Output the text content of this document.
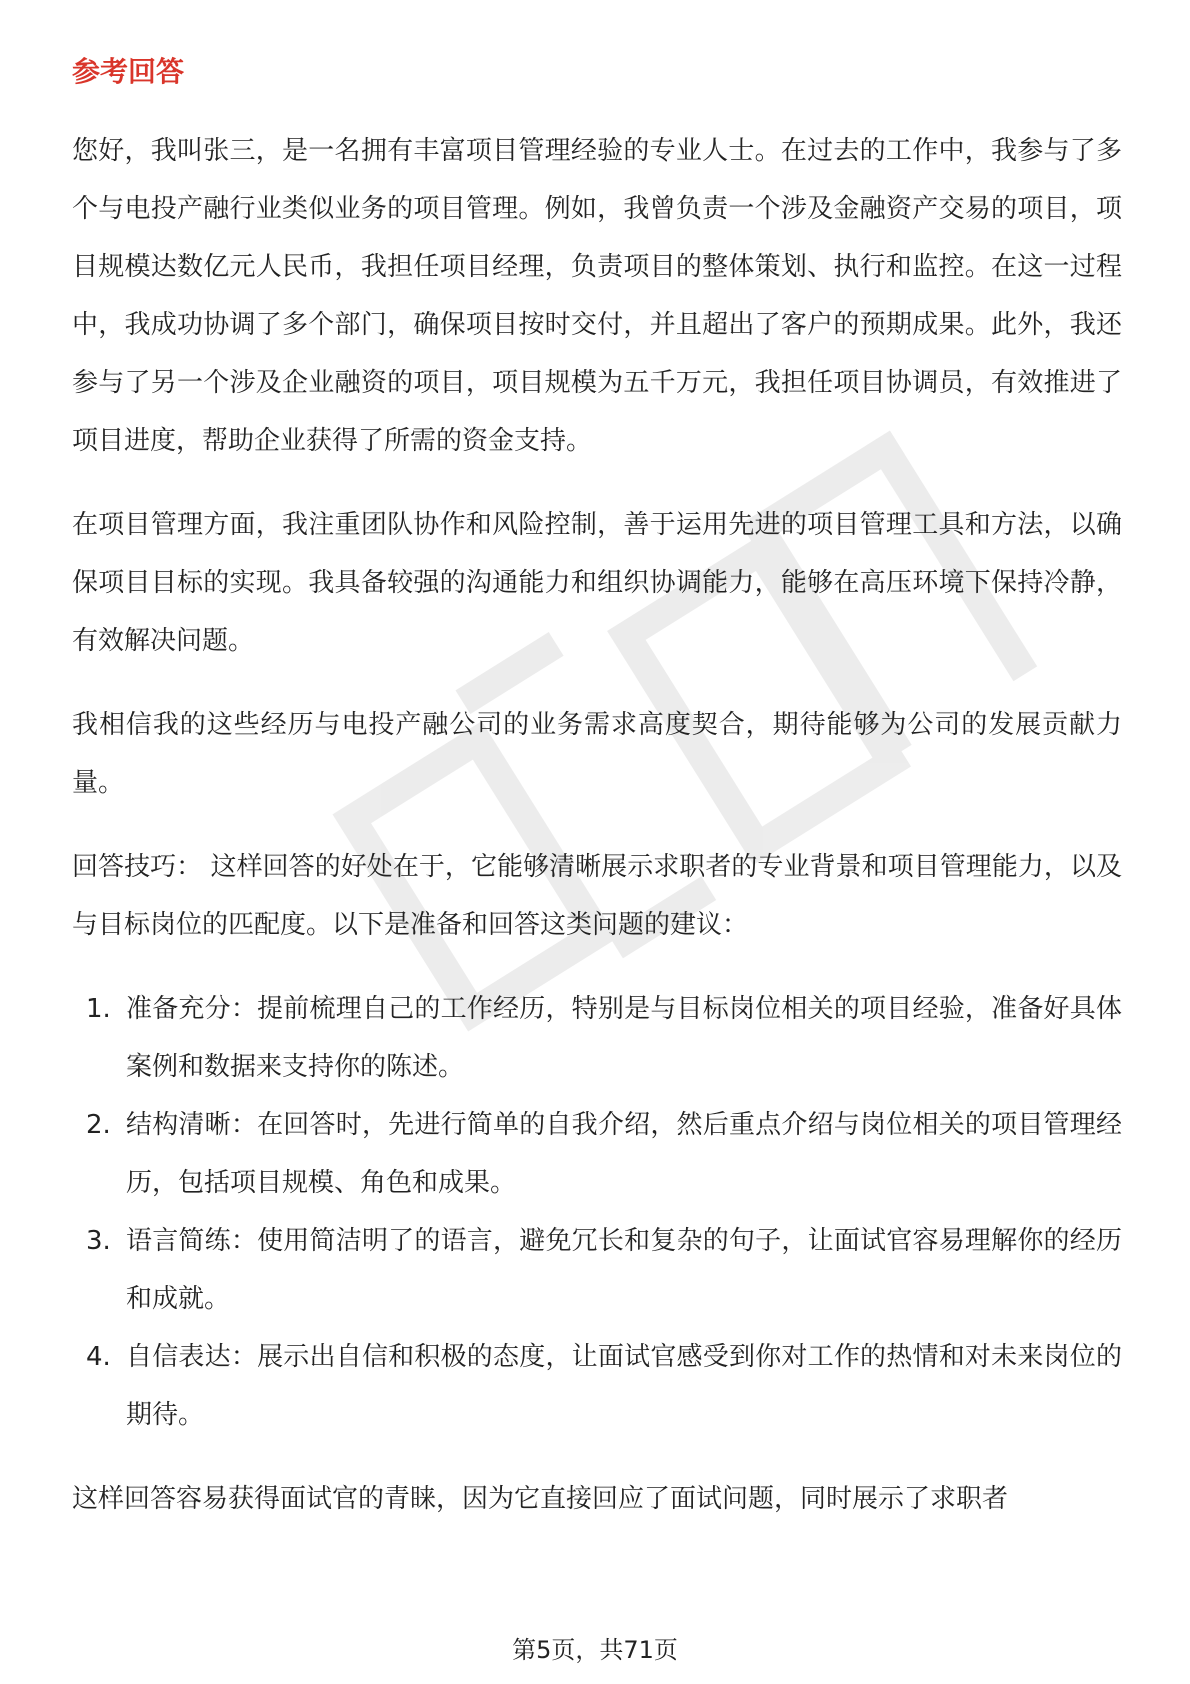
参考回答

您好，我叫张三，是一名拥有丰富项目管理经验的专业人士。在过去的工作中，我参与了多个与电投产融行业类似业务的项目管理。例如，我曾负责一个涉及金融资产交易的项目，项目规模达数亿元人民币，我担任项目经理，负责项目的整体策划、执行和监控。在这一过程中，我成功协调了多个部门，确保项目按时交付，并且超出了客户的预期成果。此外，我还参与了另一个涉及企业融资的项目，项目规模为五千万元，我担任项目协调员，有效推进了项目进度，帮助企业获得了所需的资金支持。

在项目管理方面，我注重团队协作和风险控制，善于运用先进的项目管理工具和方法，以确保项目目标的实现。我具备较强的沟通能力和组织协调能力，能够在高压环境下保持冷静，有效解决问题。

我相信我的这些经历与电投产融公司的业务需求高度契合，期待能够为公司的发展贡献力量。

回答技巧： 这样回答的好处在于，它能够清晰展示求职者的专业背景和项目管理能力，以及与目标岗位的匹配度。以下是准备和回答这类问题的建议：

1. 准备充分：提前梳理自己的工作经历，特别是与目标岗位相关的项目经验，准备好具体案例和数据来支持你的陈述。
2. 结构清晰：在回答时，先进行简单的自我介绍，然后重点介绍与岗位相关的项目管理经历，包括项目规模、角色和成果。
3. 语言简练：使用简洁明了的语言，避免冗长和复杂的句子，让面试官容易理解你的经历和成就。
4. 自信表达：展示出自信和积极的态度，让面试官感受到你对工作的热情和对未来岗位的期待。

这样回答容易获得面试官的青睐，因为它直接回应了面试问题，同时展示了求职者

第5页，共71页
